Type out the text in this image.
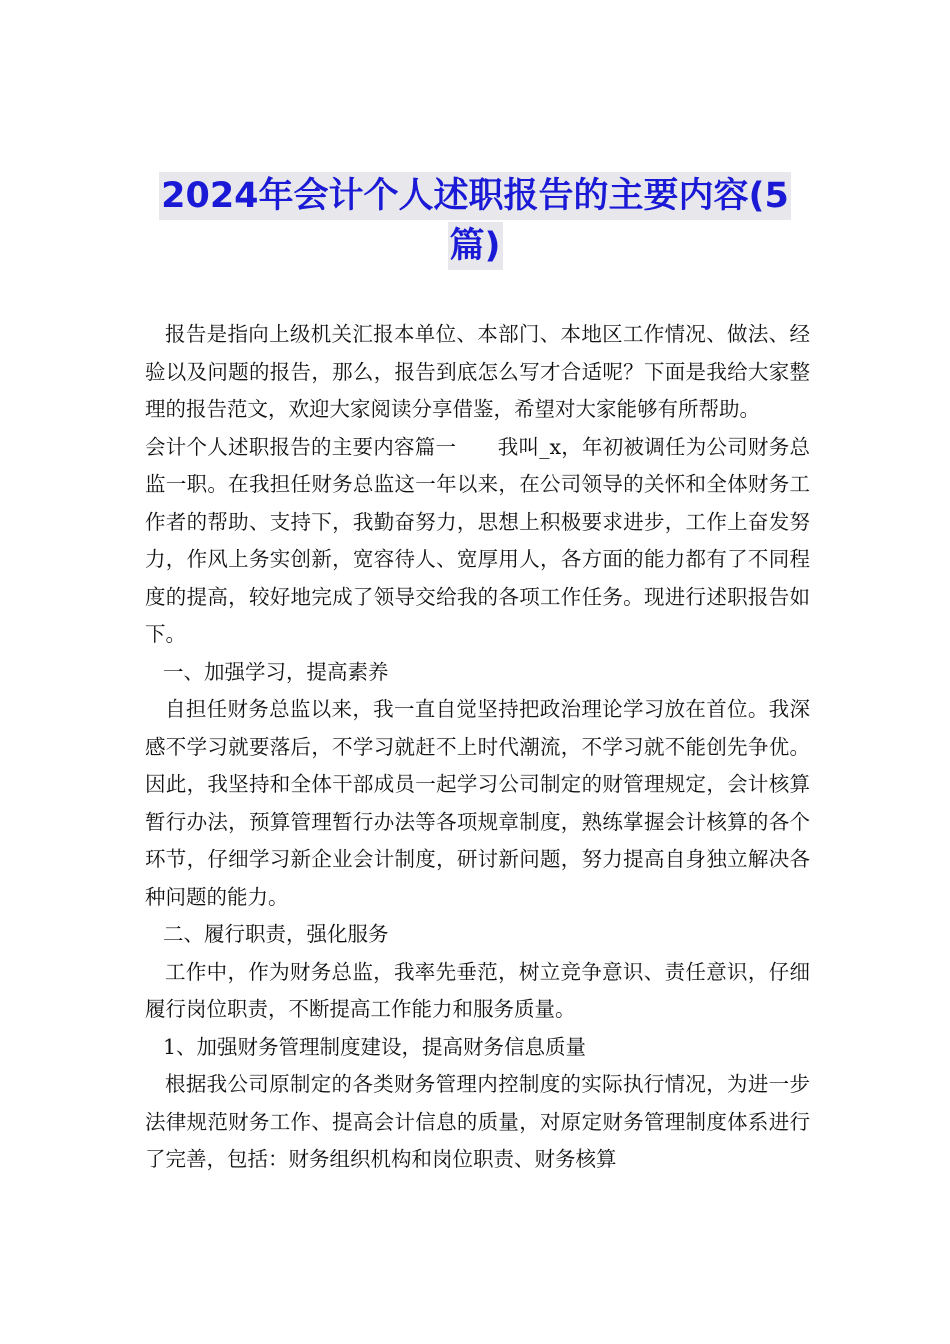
2024年会计个人述职报告的主要内容(5
篇)

报告是指向上级机关汇报本单位、本部门、本地区工作情况、做法、经验以及问题的报告，那么，报告到底怎么写才合适呢？下面是我给大家整理的报告范文，欢迎大家阅读分享借鉴，希望对大家能够有所帮助。

会计个人述职报告的主要内容篇一　　我叫_x，年初被调任为公司财务总监一职。在我担任财务总监这一年以来，在公司领导的关怀和全体财务工作者的帮助、支持下，我勤奋努力，思想上积极要求进步，工作上奋发努力，作风上务实创新，宽容待人、宽厚用人，各方面的能力都有了不同程度的提高，较好地完成了领导交给我的各项工作任务。现进行述职报告如下。

一、加强学习，提高素养

自担任财务总监以来，我一直自觉坚持把政治理论学习放在首位。我深感不学习就要落后，不学习就赶不上时代潮流，不学习就不能创先争优。因此，我坚持和全体干部成员一起学习公司制定的财管理规定，会计核算暂行办法，预算管理暂行办法等各项规章制度，熟练掌握会计核算的各个环节，仔细学习新企业会计制度，研讨新问题，努力提高自身独立解决各种问题的能力。

二、履行职责，强化服务

工作中，作为财务总监，我率先垂范，树立竞争意识、责任意识，仔细履行岗位职责，不断提高工作能力和服务质量。

1、加强财务管理制度建设，提高财务信息质量

根据我公司原制定的各类财务管理内控制度的实际执行情况，为进一步法律规范财务工作、提高会计信息的质量，对原定财务管理制度体系进行了完善，包括：财务组织机构和岗位职责、财务核算
